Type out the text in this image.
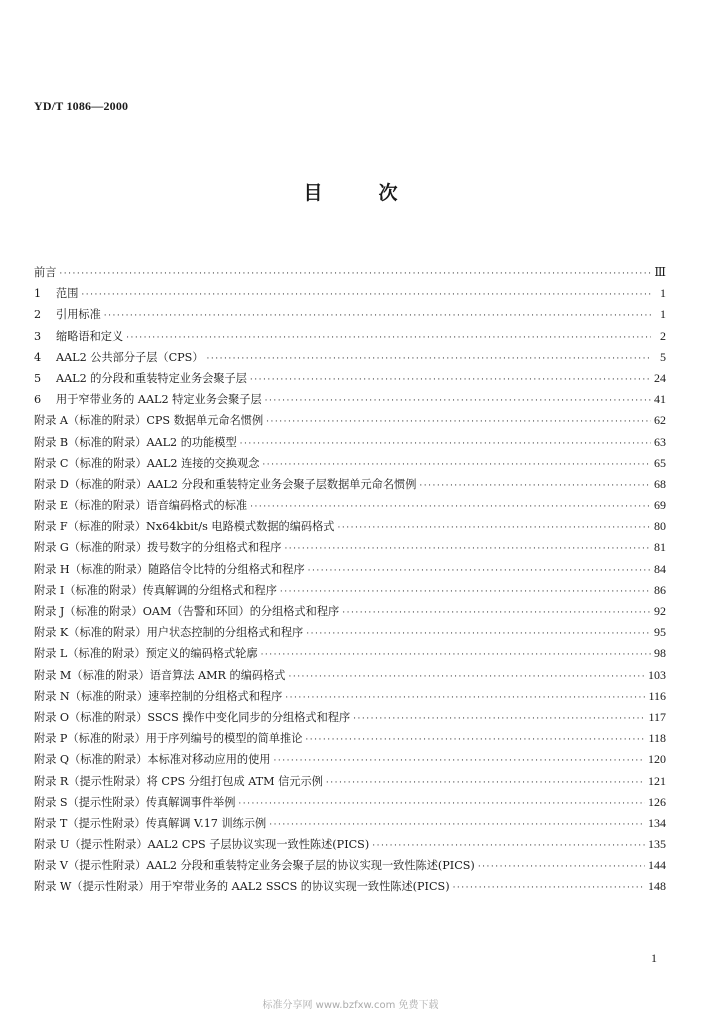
YD/T 1086—2000
目	次
前言 ·····	Ⅲ
1 范围 ·····	1
2 引用标准 ·····	1
3 缩略语和定义 ·····	2
4 AAL2 公共部分子层（CPS） ·····	5
5 AAL2 的分段和重装特定业务会聚子层 ·····	24
6 用于窄带业务的 AAL2 特定业务会聚子层 ·····	41
附录 A（标准的附录）CPS 数据单元命名惯例 ·····	62
附录 B（标准的附录）AAL2 的功能模型 ·····	63
附录 C（标准的附录）AAL2 连接的交换观念 ·····	65
附录 D（标准的附录）AAL2 分段和重装特定业务会聚子层数据单元命名惯例 ·····	68
附录 E（标准的附录）语音编码格式的标准 ·····	69
附录 F（标准的附录）Nx64kbit/s 电路模式数据的编码格式 ·····	80
附录 G（标准的附录）拨号数字的分组格式和程序 ·····	81
附录 H（标准的附录）随路信令比特的分组格式和程序 ·····	84
附录 I（标准的附录）传真解调的分组格式和程序 ·····	86
附录 J（标准的附录）OAM（告警和环回）的分组格式和程序 ·····	92
附录 K（标准的附录）用户状态控制的分组格式和程序 ·····	95
附录 L（标准的附录）预定义的编码格式轮廓 ·····	98
附录 M（标准的附录）语音算法 AMR 的编码格式 ·····	103
附录 N（标准的附录）速率控制的分组格式和程序 ·····	116
附录 O（标准的附录）SSCS 操作中变化同步的分组格式和程序 ·····	117
附录 P（标准的附录）用于序列编号的模型的简单推论 ·····	118
附录 Q（标准的附录）本标准对移动应用的使用 ·····	120
附录 R（提示性附录）将 CPS 分组打包成 ATM 信元示例 ·····	121
附录 S（提示性附录）传真解调事件举例 ·····	126
附录 T（提示性附录）传真解调 V.17 训练示例 ·····	134
附录 U（提示性附录）AAL2 CPS 子层协议实现一致性陈述(PICS) ·····	135
附录 V（提示性附录）AAL2 分段和重装特定业务会聚子层的协议实现一致性陈述(PICS) ·····	144
附录 W（提示性附录）用于窄带业务的 AAL2 SSCS 的协议实现一致性陈述(PICS) ·····	148
1
标准分享网 www.bzfxw.com 免费下载
